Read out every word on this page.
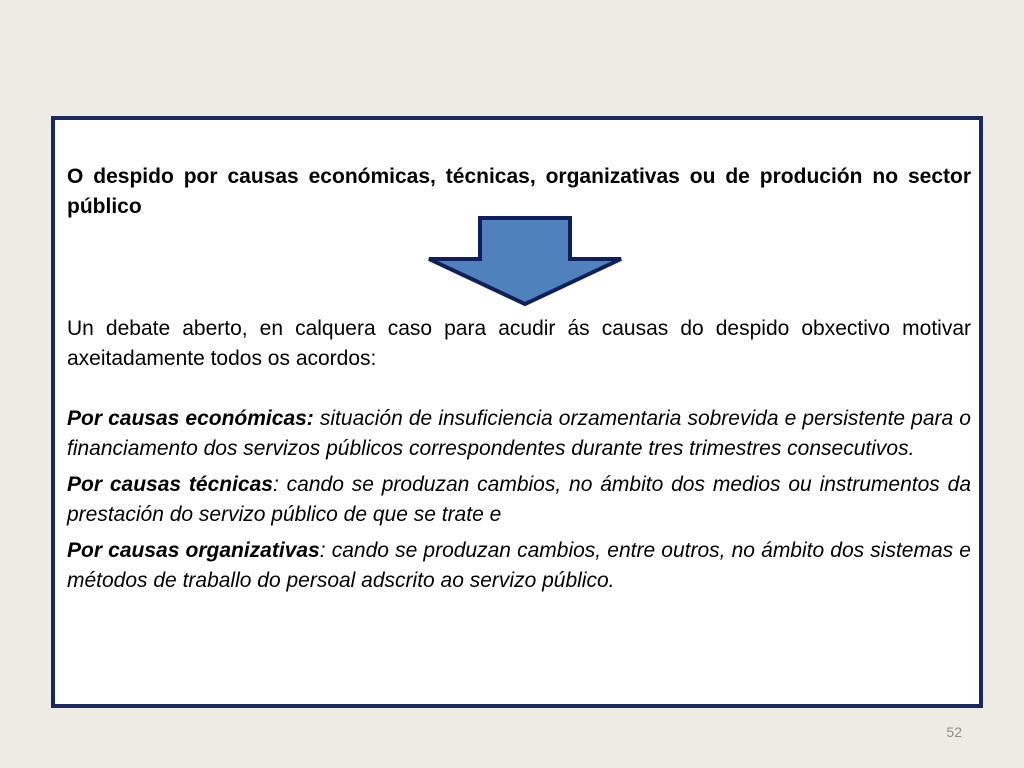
O despido por causas económicas, técnicas, organizativas ou de produción no sector público

Un debate aberto, en calquera caso para acudir ás causas do despido obxectivo motivar axeitadamente todos os acordos:

Por causas económicas: situación de insuficiencia orzamentaria sobrevida e persistente para o financiamento dos servizos públicos correspondentes durante tres trimestres consecutivos.

Por causas técnicas: cando se produzan cambios, no ámbito dos medios ou instrumentos da prestación do servizo público de que se trate e

Por causas organizativas: cando se produzan cambios, entre outros, no ámbito dos sistemas e métodos de traballo do persoal adscrito ao servizo público.

52
